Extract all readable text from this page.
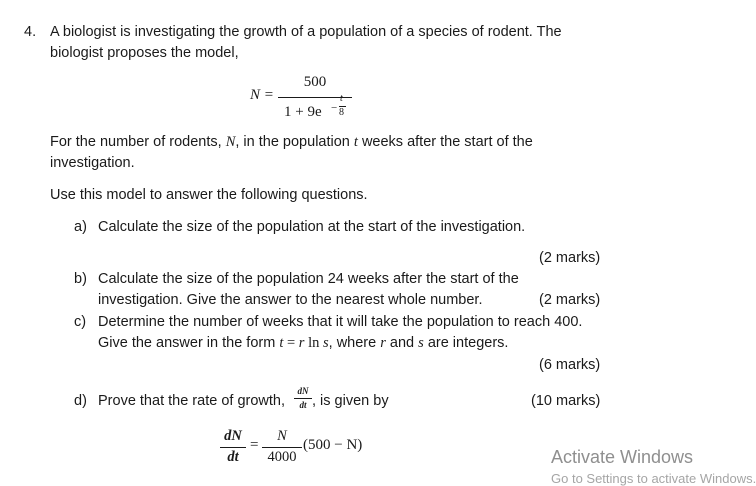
4. A biologist is investigating the growth of a population of a species of rodent. The
biologist proposes the model,
N =
500
1 + 9e −
t
8
For the number of rodents, N, in the population t weeks after the start of the
investigation.
Use this model to answer the following questions.
a) Calculate the size of the population at the start of the investigation.
(2 marks)
b) Calculate the size of the population 24 weeks after the start of the
investigation. Give the answer to the nearest whole number.	(2 marks)
c) Determine the number of weeks that it will take the population to reach 400.
Give the answer in the form t = r ln s, where r and s are integers.
(6 marks)
d) Prove that the rate of growth,
dN
dt , is given by	(10 marks)
dN
dt
=
N
4000
(500 − N)
Activate Windows
Go to Settings to activate Windows.
